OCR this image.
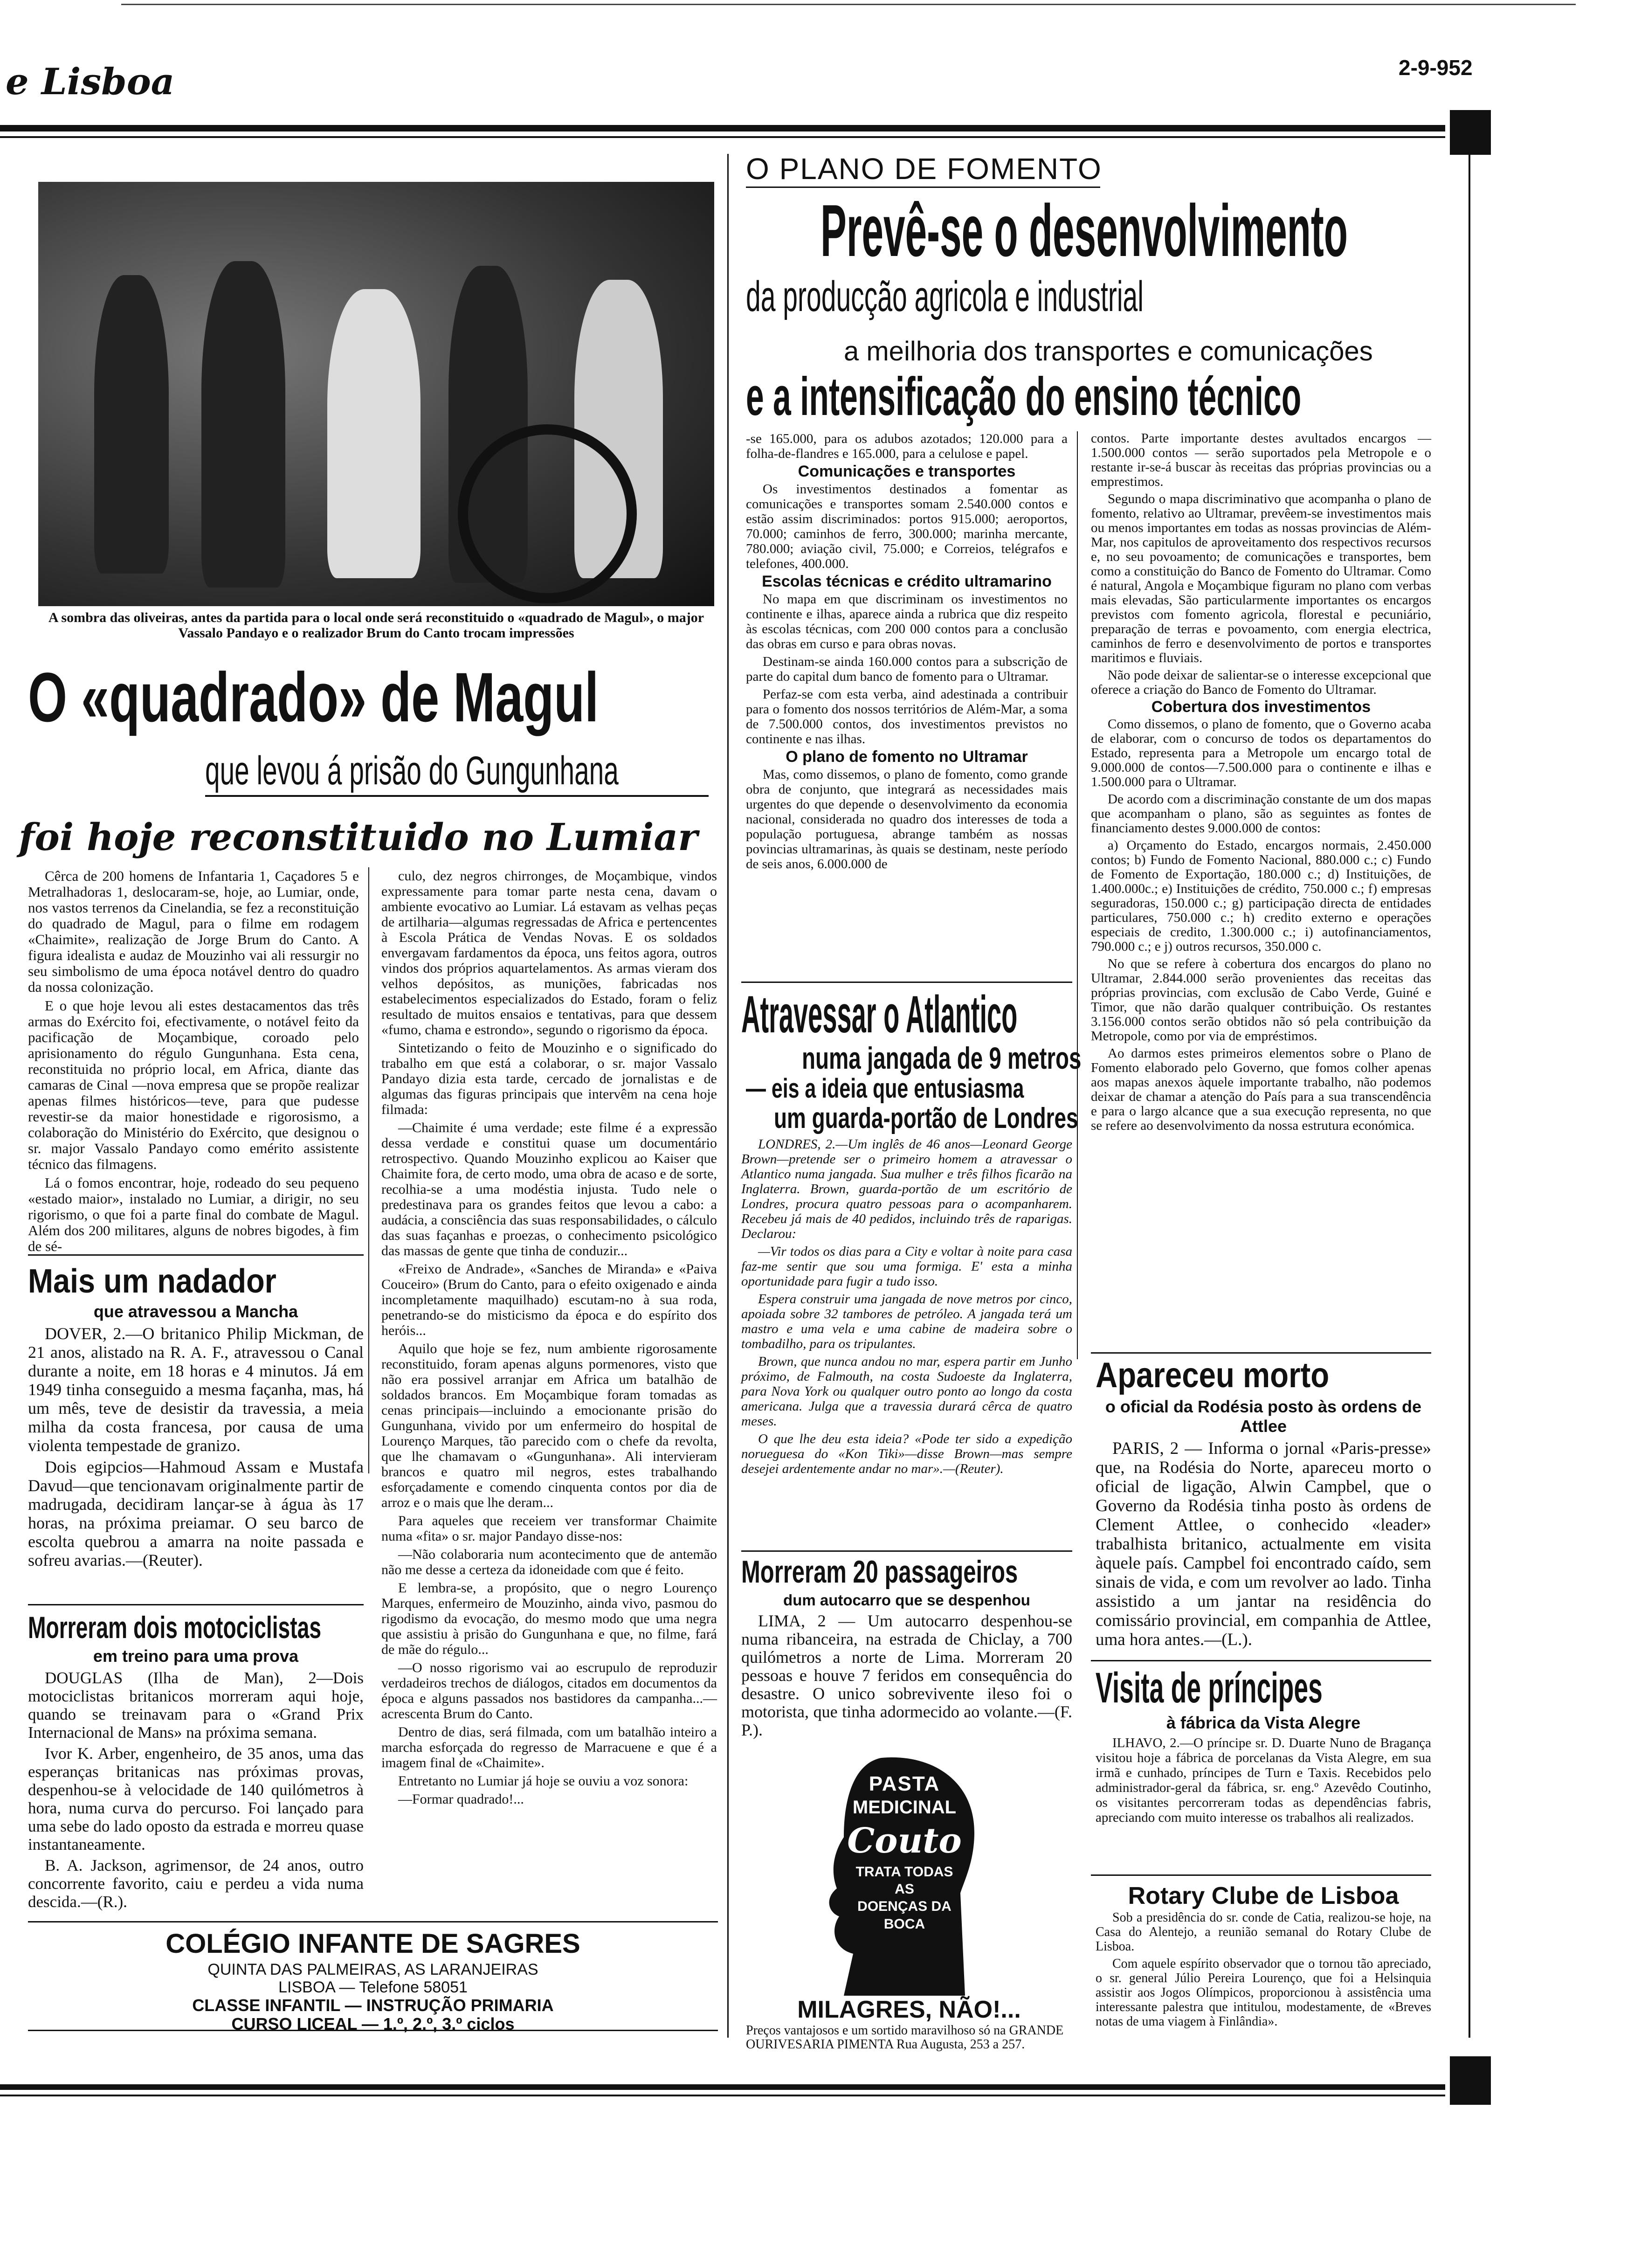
e Lisboa	2-9-952
A sombra das oliveiras, antes da partida para o local onde será reconstituido o «quadrado de Magul», o major Vassalo Pandayo e o realizador Brum do Canto trocam impressões
O «quadrado» de Magul
que levou á prisão do Gungunhana
foi hoje reconstituido no Lumiar

Cêrca de 200 homens de Infantaria 1, Caçadores 5 e Metralhadoras 1, deslocaram-se, hoje, ao Lumiar, onde, nos vastos terrenos da Cinelandia, se fez a reconstituição do quadrado de Magul, para o filme em rodagem «Chaimite», realização de Jorge Brum do Canto. A figura idealista e audaz de Mouzinho vai ali ressurgir no seu simbolismo de uma época notável dentro do quadro da nossa colonização.

E o que hoje levou ali estes destacamentos das três armas do Exército foi, efectivamente, o notável feito da pacificação de Moçambique, coroado pelo aprisionamento do régulo Gungunhana. Esta cena, reconstituida no próprio local, em Africa, diante das camaras de Cinal —nova empresa que se propõe realizar apenas filmes históricos—teve, para que pudesse revestir-se da maior honestidade e rigorosismo, a colaboração do Ministério do Exército, que designou o sr. major Vassalo Pandayo como emérito assistente técnico das filmagens.

Lá o fomos encontrar, hoje, rodeado do seu pequeno «estado maior», instalado no Lumiar, a dirigir, no seu rigorismo, o que foi a parte final do combate de Magul. Além dos 200 militares, alguns de nobres bigodes, à fim de sé-

culo, dez negros chirronges, de Moçambique, vindos expressamente para tomar parte nesta cena, davam o ambiente evocativo ao Lumiar. Lá estavam as velhas peças de artilharia—algumas regressadas de Africa e pertencentes à Escola Prática de Vendas Novas. E os soldados envergavam fardamentos da época, uns feitos agora, outros vindos dos próprios aquartelamentos. As armas vieram dos velhos depósitos, as munições, fabricadas nos estabelecimentos especializados do Estado, foram o feliz resultado de muitos ensaios e tentativas, para que dessem «fumo, chama e estrondo», segundo o rigorismo da época.

Sintetizando o feito de Mouzinho e o significado do trabalho em que está a colaborar, o sr. major Vassalo Pandayo dizia esta tarde, cercado de jornalistas e de algumas das figuras principais que intervêm na cena hoje filmada:

—Chaimite é uma verdade; este filme é a expressão dessa verdade e constitui quase um documentário retrospectivo. Quando Mouzinho explicou ao Kaiser que Chaimite fora, de certo modo, uma obra de acaso e de sorte, recolhia-se a uma modéstia injusta. Tudo nele o predestinava para os grandes feitos que levou a cabo: a audácia, a consciência das suas responsabilidades, o cálculo das suas façanhas e proezas, o conhecimento psicológico das massas de gente que tinha de conduzir...

«Freixo de Andrade», «Sanches de Miranda» e «Paiva Couceiro» (Brum do Canto, para o efeito oxigenado e ainda incompletamente maquilhado) escutam-no à sua roda, penetrando-se do misticismo da época e do espírito dos heróis...

Aquilo que hoje se fez, num ambiente rigorosamente reconstituido, foram apenas alguns pormenores, visto que não era possivel arranjar em Africa um batalhão de soldados brancos. Em Moçambique foram tomadas as cenas principais—incluindo a emocionante prisão do Gungunhana, vivido por um enfermeiro do hospital de Lourenço Marques, tão parecido com o chefe da revolta, que lhe chamavam o «Gungunhana». Ali intervieram brancos e quatro mil negros, estes trabalhando esforçadamente e comendo cinquenta contos por dia de arroz e o mais que lhe deram...

Para aqueles que receiem ver transformar Chaimite numa «fita» o sr. major Pandayo disse-nos:

—Não colaboraria num acontecimento que de antemão não me desse a certeza da idoneidade com que é feito.

E lembra-se, a propósito, que o negro Lourenço Marques, enfermeiro de Mouzinho, ainda vivo, pasmou do rigodismo da evocação, do mesmo modo que uma negra que assistiu à prisão do Gungunhana e que, no filme, fará de mãe do régulo...

—O nosso rigorismo vai ao escrupulo de reproduzir verdadeiros trechos de diálogos, citados em documentos da época e alguns passados nos bastidores da campanha...—acrescenta Brum do Canto.

Dentro de dias, será filmada, com um batalhão inteiro a marcha esforçada do regresso de Marracuene e que é a imagem final de «Chaimite».

Entretanto no Lumiar já hoje se ouviu a voz sonora:

—Formar quadrado!...

Mais um nadador
que atravessou a Mancha

DOVER, 2.—O britanico Philip Mickman, de 21 anos, alistado na R. A. F., atravessou o Canal durante a noite, em 18 horas e 4 minutos. Já em 1949 tinha conseguido a mesma façanha, mas, há um mês, teve de desistir da travessia, a meia milha da costa francesa, por causa de uma violenta tempestade de granizo.

Dois egipcios—Hahmoud Assam e Mustafa Davud—que tencionavam originalmente partir de madrugada, decidiram lançar-se à água às 17 horas, na próxima preiamar. O seu barco de escolta quebrou a amarra na noite passada e sofreu avarias.—(Reuter).

Morreram dois motociclistas
em treino para uma prova

DOUGLAS (Ilha de Man), 2—Dois motociclistas britanicos morreram aqui hoje, quando se treinavam para o «Grand Prix Internacional de Mans» na próxima semana.

Ivor K. Arber, engenheiro, de 35 anos, uma das esperanças britanicas nas próximas provas, despenhou-se à velocidade de 140 quilómetros à hora, numa curva do percurso. Foi lançado para uma sebe do lado oposto da estrada e morreu quase instantaneamente.

B. A. Jackson, agrimensor, de 24 anos, outro concorrente favorito, caiu e perdeu a vida numa descida.—(R.).

COLÉGIO INFANTE DE SAGRES
QUINTA DAS PALMEIRAS, AS LARANJEIRAS
LISBOA — Telefone 58051
CLASSE INFANTIL — INSTRUÇÃO PRIMARIA
CURSO LICEAL — 1.º, 2.º, 3.º ciclos
O PLANO DE FOMENTO
Prevê-se o desenvolvimento
da producção agricola e industrial
a meilhoria dos transportes e comunicações
e a intensificação do ensino técnico

-se 165.000, para os adubos azotados; 120.000 para a folha-de-flandres e 165.000, para a celulose e papel.

Comunicações e transportes

Os investimentos destinados a fomentar as comunicações e transportes somam 2.540.000 contos e estão assim discriminados: portos 915.000; aeroportos, 70.000; caminhos de ferro, 300.000; marinha mercante, 780.000; aviação civil, 75.000; e Correios, telégrafos e telefones, 400.000.

Escolas técnicas e crédito ultramarino

No mapa em que discriminam os investimentos no continente e ilhas, aparece ainda a rubrica que diz respeito às escolas técnicas, com 200 000 contos para a conclusão das obras em curso e para obras novas.

Destinam-se ainda 160.000 contos para a subscrição de parte do capital dum banco de fomento para o Ultramar.

Perfaz-se com esta verba, aind adestinada a contribuir para o fomento dos nossos territórios de Além-Mar, a soma de 7.500.000 contos, dos investimentos previstos no continente e nas ilhas.

O plano de fomento no Ultramar

Mas, como dissemos, o plano de fomento, como grande obra de conjunto, que integrará as necessidades mais urgentes do que depende o desenvolvimento da economia nacional, considerada no quadro dos interesses de toda a população portuguesa, abrange também as nossas povincias ultramarinas, às quais se destinam, neste período de seis anos, 6.000.000 de

contos. Parte importante destes avultados encargos — 1.500.000 contos — serão suportados pela Metropole e o restante ir-se-á buscar às receitas das próprias provincias ou a emprestimos.

Segundo o mapa discriminativo que acompanha o plano de fomento, relativo ao Ultramar, prevêem-se investimentos mais ou menos importantes em todas as nossas provincias de Além-Mar, nos capitulos de aproveitamento dos respectivos recursos e, no seu povoamento; de comunicações e transportes, bem como a constituição do Banco de Fomento do Ultramar. Como é natural, Angola e Moçambique figuram no plano com verbas mais elevadas, São particularmente importantes os encargos previstos com fomento agricola, florestal e pecuniário, preparação de terras e povoamento, com energia electrica, caminhos de ferro e desenvolvimento de portos e transportes maritimos e fluviais.

Não pode deixar de salientar-se o interesse excepcional que oferece a criação do Banco de Fomento do Ultramar.

Cobertura dos investimentos

Como dissemos, o plano de fomento, que o Governo acaba de elaborar, com o concurso de todos os departamentos do Estado, representa para a Metropole um encargo total de 9.000.000 de contos—7.500.000 para o continente e ilhas e 1.500.000 para o Ultramar.

De acordo com a discriminação constante de um dos mapas que acompanham o plano, são as seguintes as fontes de financiamento destes 9.000.000 de contos:

a) Orçamento do Estado, encargos normais, 2.450.000 contos; b) Fundo de Fomento Nacional, 880.000 c.; c) Fundo de Fomento de Exportação, 180.000 c.; d) Instituições, de 1.400.000c.; e) Instituições de crédito, 750.000 c.; f) empresas seguradoras, 150.000 c.; g) participação directa de entidades particulares, 750.000 c.; h) credito externo e operações especiais de credito, 1.300.000 c.; i) autofinanciamentos, 790.000 c.; e j) outros recursos, 350.000 c.

No que se refere à cobertura dos encargos do plano no Ultramar, 2.844.000 serão provenientes das receitas das próprias provincias, com exclusão de Cabo Verde, Guiné e Timor, que não darão qualquer contribuição. Os restantes 3.156.000 contos serão obtidos não só pela contribuição da Metropole, como por via de empréstimos.

Ao darmos estes primeiros elementos sobre o Plano de Fomento elaborado pelo Governo, que fomos colher apenas aos mapas anexos àquele importante trabalho, não podemos deixar de chamar a atenção do País para a sua transcendência e para o largo alcance que a sua execução representa, no que se refere ao desenvolvimento da nossa estrutura económica.

Atravessar o Atlantico
numa jangada de 9 metros
— eis a ideia que entusiasma
um guarda-portão de Londres

LONDRES, 2.—Um inglês de 46 anos—Leonard George Brown—pretende ser o primeiro homem a atravessar o Atlantico numa jangada. Sua mulher e três filhos ficarão na Inglaterra. Brown, guarda-portão de um escritório de Londres, procura quatro pessoas para o acompanharem. Recebeu já mais de 40 pedidos, incluindo três de raparigas. Declarou:

—Vir todos os dias para a City e voltar à noite para casa faz-me sentir que sou uma formiga. E' esta a minha oportunidade para fugir a tudo isso.

Espera construir uma jangada de nove metros por cinco, apoiada sobre 32 tambores de petróleo. A jangada terá um mastro e uma vela e uma cabine de madeira sobre o tombadilho, para os tripulantes.

Brown, que nunca andou no mar, espera partir em Junho próximo, de Falmouth, na costa Sudoeste da Inglaterra, para Nova York ou qualquer outro ponto ao longo da costa americana. Julga que a travessia durará cêrca de quatro meses.

O que lhe deu esta ideia? «Pode ter sido a expedição norueguesa do «Kon Tiki»—disse Brown—mas sempre desejei ardentemente andar no mar».—(Reuter).

Morreram 20 passageiros
dum autocarro que se despenhou

LIMA, 2 — Um autocarro despenhou-se numa ribanceira, na estrada de Chiclay, a 700 quilómetros a norte de Lima. Morreram 20 pessoas e houve 7 feridos em consequência do desastre. O unico sobrevivente ileso foi o motorista, que tinha adormecido ao volante.—(F. P.).

PASTA
MEDICINAL
Couto
TRATA TODAS
AS
DOENÇAS DA
BOCA
MILAGRES, NÃO!...
Preços vantajosos e um sortido maravilhoso só na GRANDE OURIVESARIA PIMENTA Rua Augusta, 253 a 257.
Apareceu morto
o oficial da Rodésia posto às ordens de Attlee

PARIS, 2 — Informa o jornal «Paris-presse» que, na Rodésia do Norte, apareceu morto o oficial de ligação, Alwin Campbel, que o Governo da Rodésia tinha posto às ordens de Clement Attlee, o conhecido «leader» trabalhista britanico, actualmente em visita àquele país. Campbel foi encontrado caído, sem sinais de vida, e com um revolver ao lado. Tinha assistido a um jantar na residência do comissário provincial, em companhia de Attlee, uma hora antes.—(L.).

Visita de príncipes
à fábrica da Vista Alegre

ILHAVO, 2.—O príncipe sr. D. Duarte Nuno de Bragança visitou hoje a fábrica de porcelanas da Vista Alegre, em sua irmã e cunhado, príncipes de Turn e Taxis. Recebidos pelo administrador-geral da fábrica, sr. eng.º Azevêdo Coutinho, os visitantes percorreram todas as dependências fabris, apreciando com muito interesse os trabalhos ali realizados.

Rotary Clube de Lisboa

Sob a presidência do sr. conde de Catia, realizou-se hoje, na Casa do Alentejo, a reunião semanal do Rotary Clube de Lisboa.

Com aquele espírito observador que o tornou tão apreciado, o sr. general Júlio Pereira Lourenço, que foi a Helsinquia assistir aos Jogos Olímpicos, proporcionou à assistência uma interessante palestra que intitulou, modestamente, de «Breves notas de uma viagem à Finlândia».
